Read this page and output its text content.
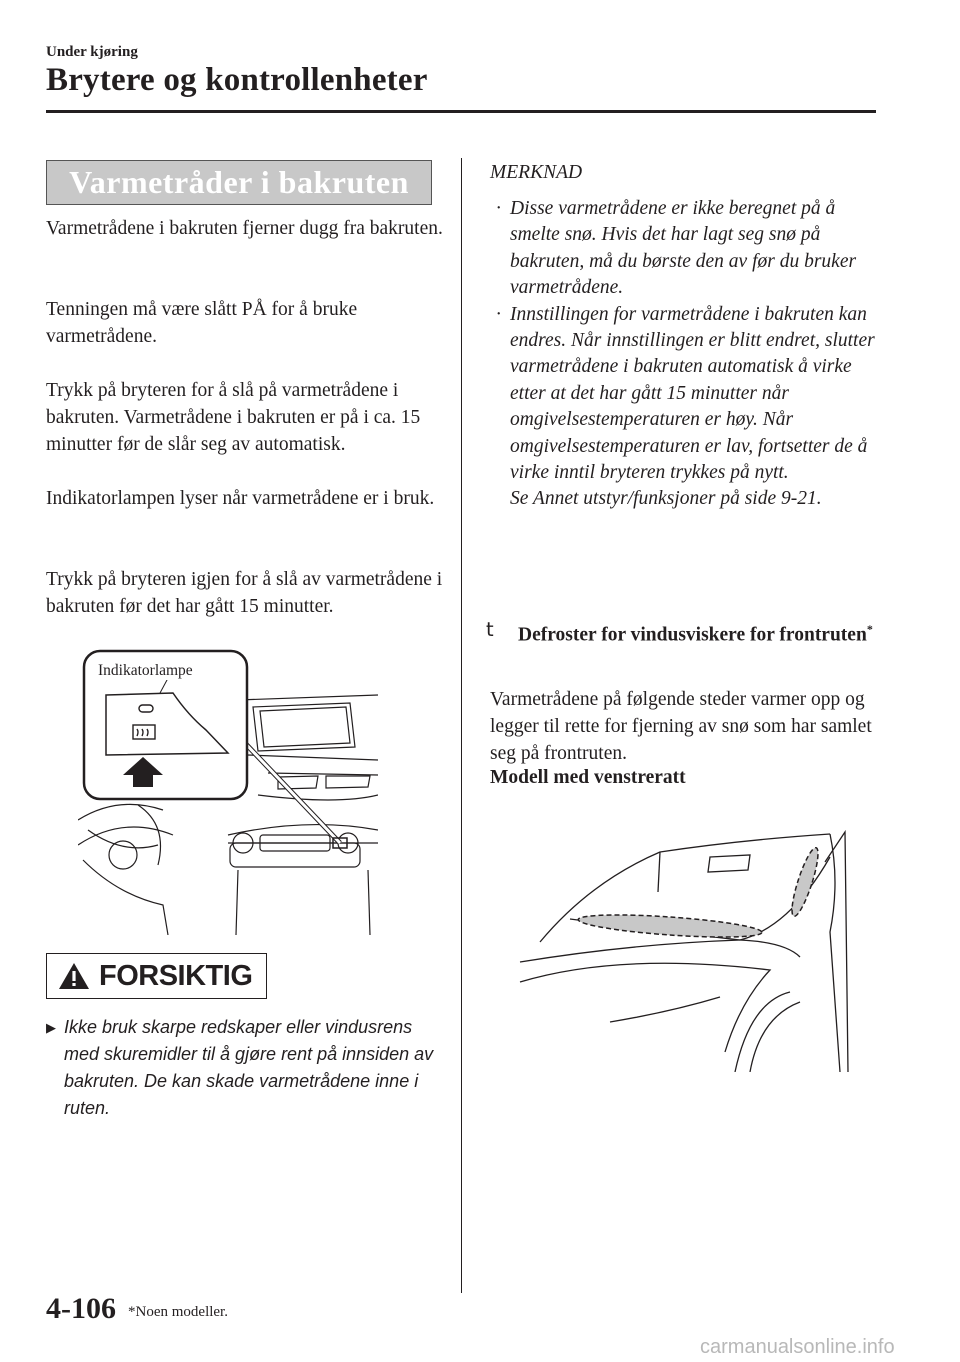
Under kjøring
Brytere og kontrollenheter
Varmetråder i bakruten
Varmetrådene i bakruten fjerner dugg fra bakruten.
Tenningen må være slått PÅ for å bruke varmetrådene.
Trykk på bryteren for å slå på varmetrådene i bakruten. Varmetrådene i bakruten er på i ca. 15 minutter før de slår seg av automatisk.
Indikatorlampen lyser når varmetrådene er i bruk.
Trykk på bryteren igjen for å slå av varmetrådene i bakruten før det har gått 15 minutter.
Indikatorlampe
FORSIKTIG
▶ Ikke bruk skarpe redskaper eller vindusrens med skuremidler til å gjøre rent på innsiden av bakruten. De kan skade varmetrådene inne i ruten.
MERKNAD
· Disse varmetrådene er ikke beregnet på å smelte snø. Hvis det har lagt seg snø på bakruten, må du børste den av før du bruker varmetrådene.
· Innstillingen for varmetrådene i bakruten kan endres. Når innstillingen er blitt endret, slutter varmetrådene i bakruten automatisk å virke etter at det har gått 15 minutter når omgivelsestemperaturen er høy. Når omgivelsestemperaturen er lav, fortsetter de å virke inntil bryteren trykkes på nytt.
Se Annet utstyr/funksjoner på side 9-21.
t Defroster for vindusviskere for frontruten*
Varmetrådene på følgende steder varmer opp og legger til rette for fjerning av snø som har samlet seg på frontruten.
Modell med venstreratt
4-106 *Noen modeller.
carmanualsonline.info
